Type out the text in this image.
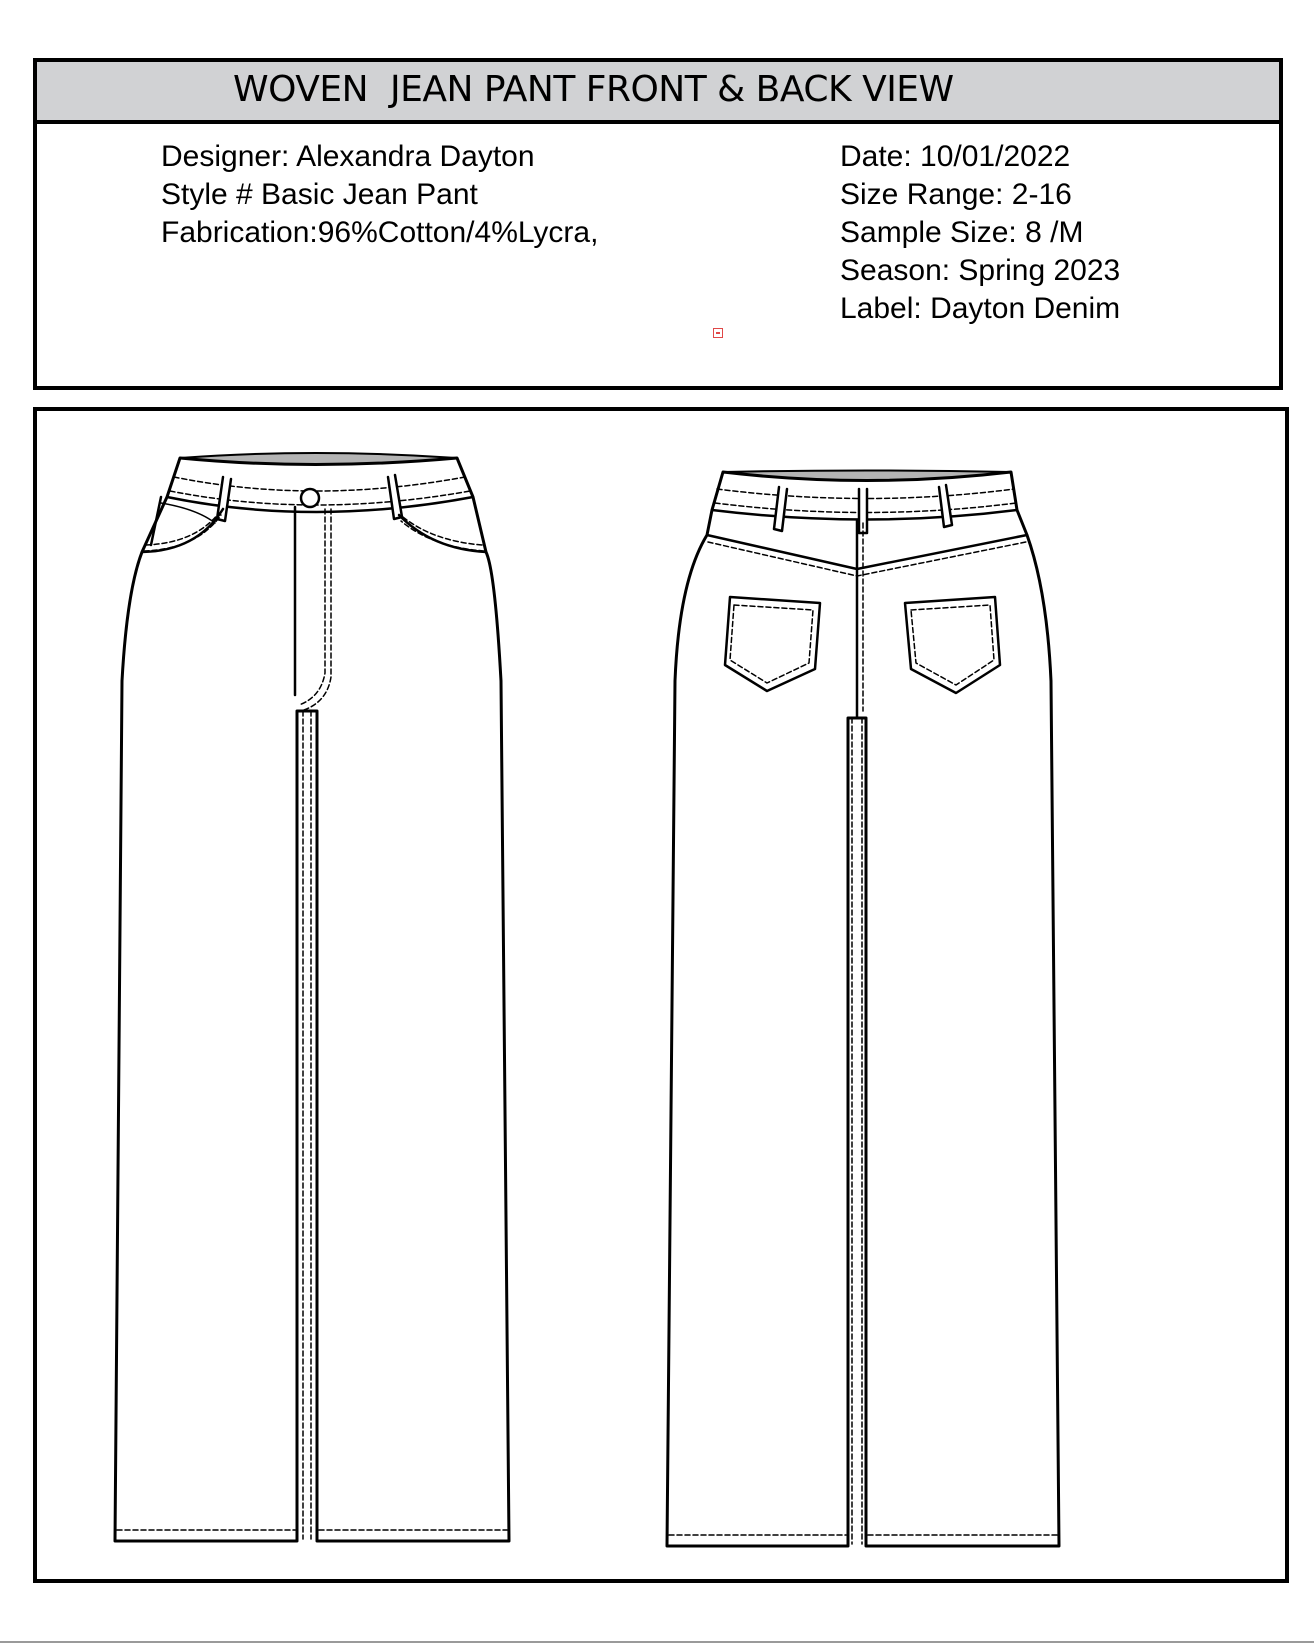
WOVEN  JEAN PANT FRONT & BACK VIEW
Designer: Alexandra Dayton
Style # Basic Jean Pant
Fabrication:96%Cotton/4%Lycra,
Date: 10/01/2022
Size Range: 2-16
Sample Size: 8 /M
Season: Spring 2023
Label: Dayton Denim
